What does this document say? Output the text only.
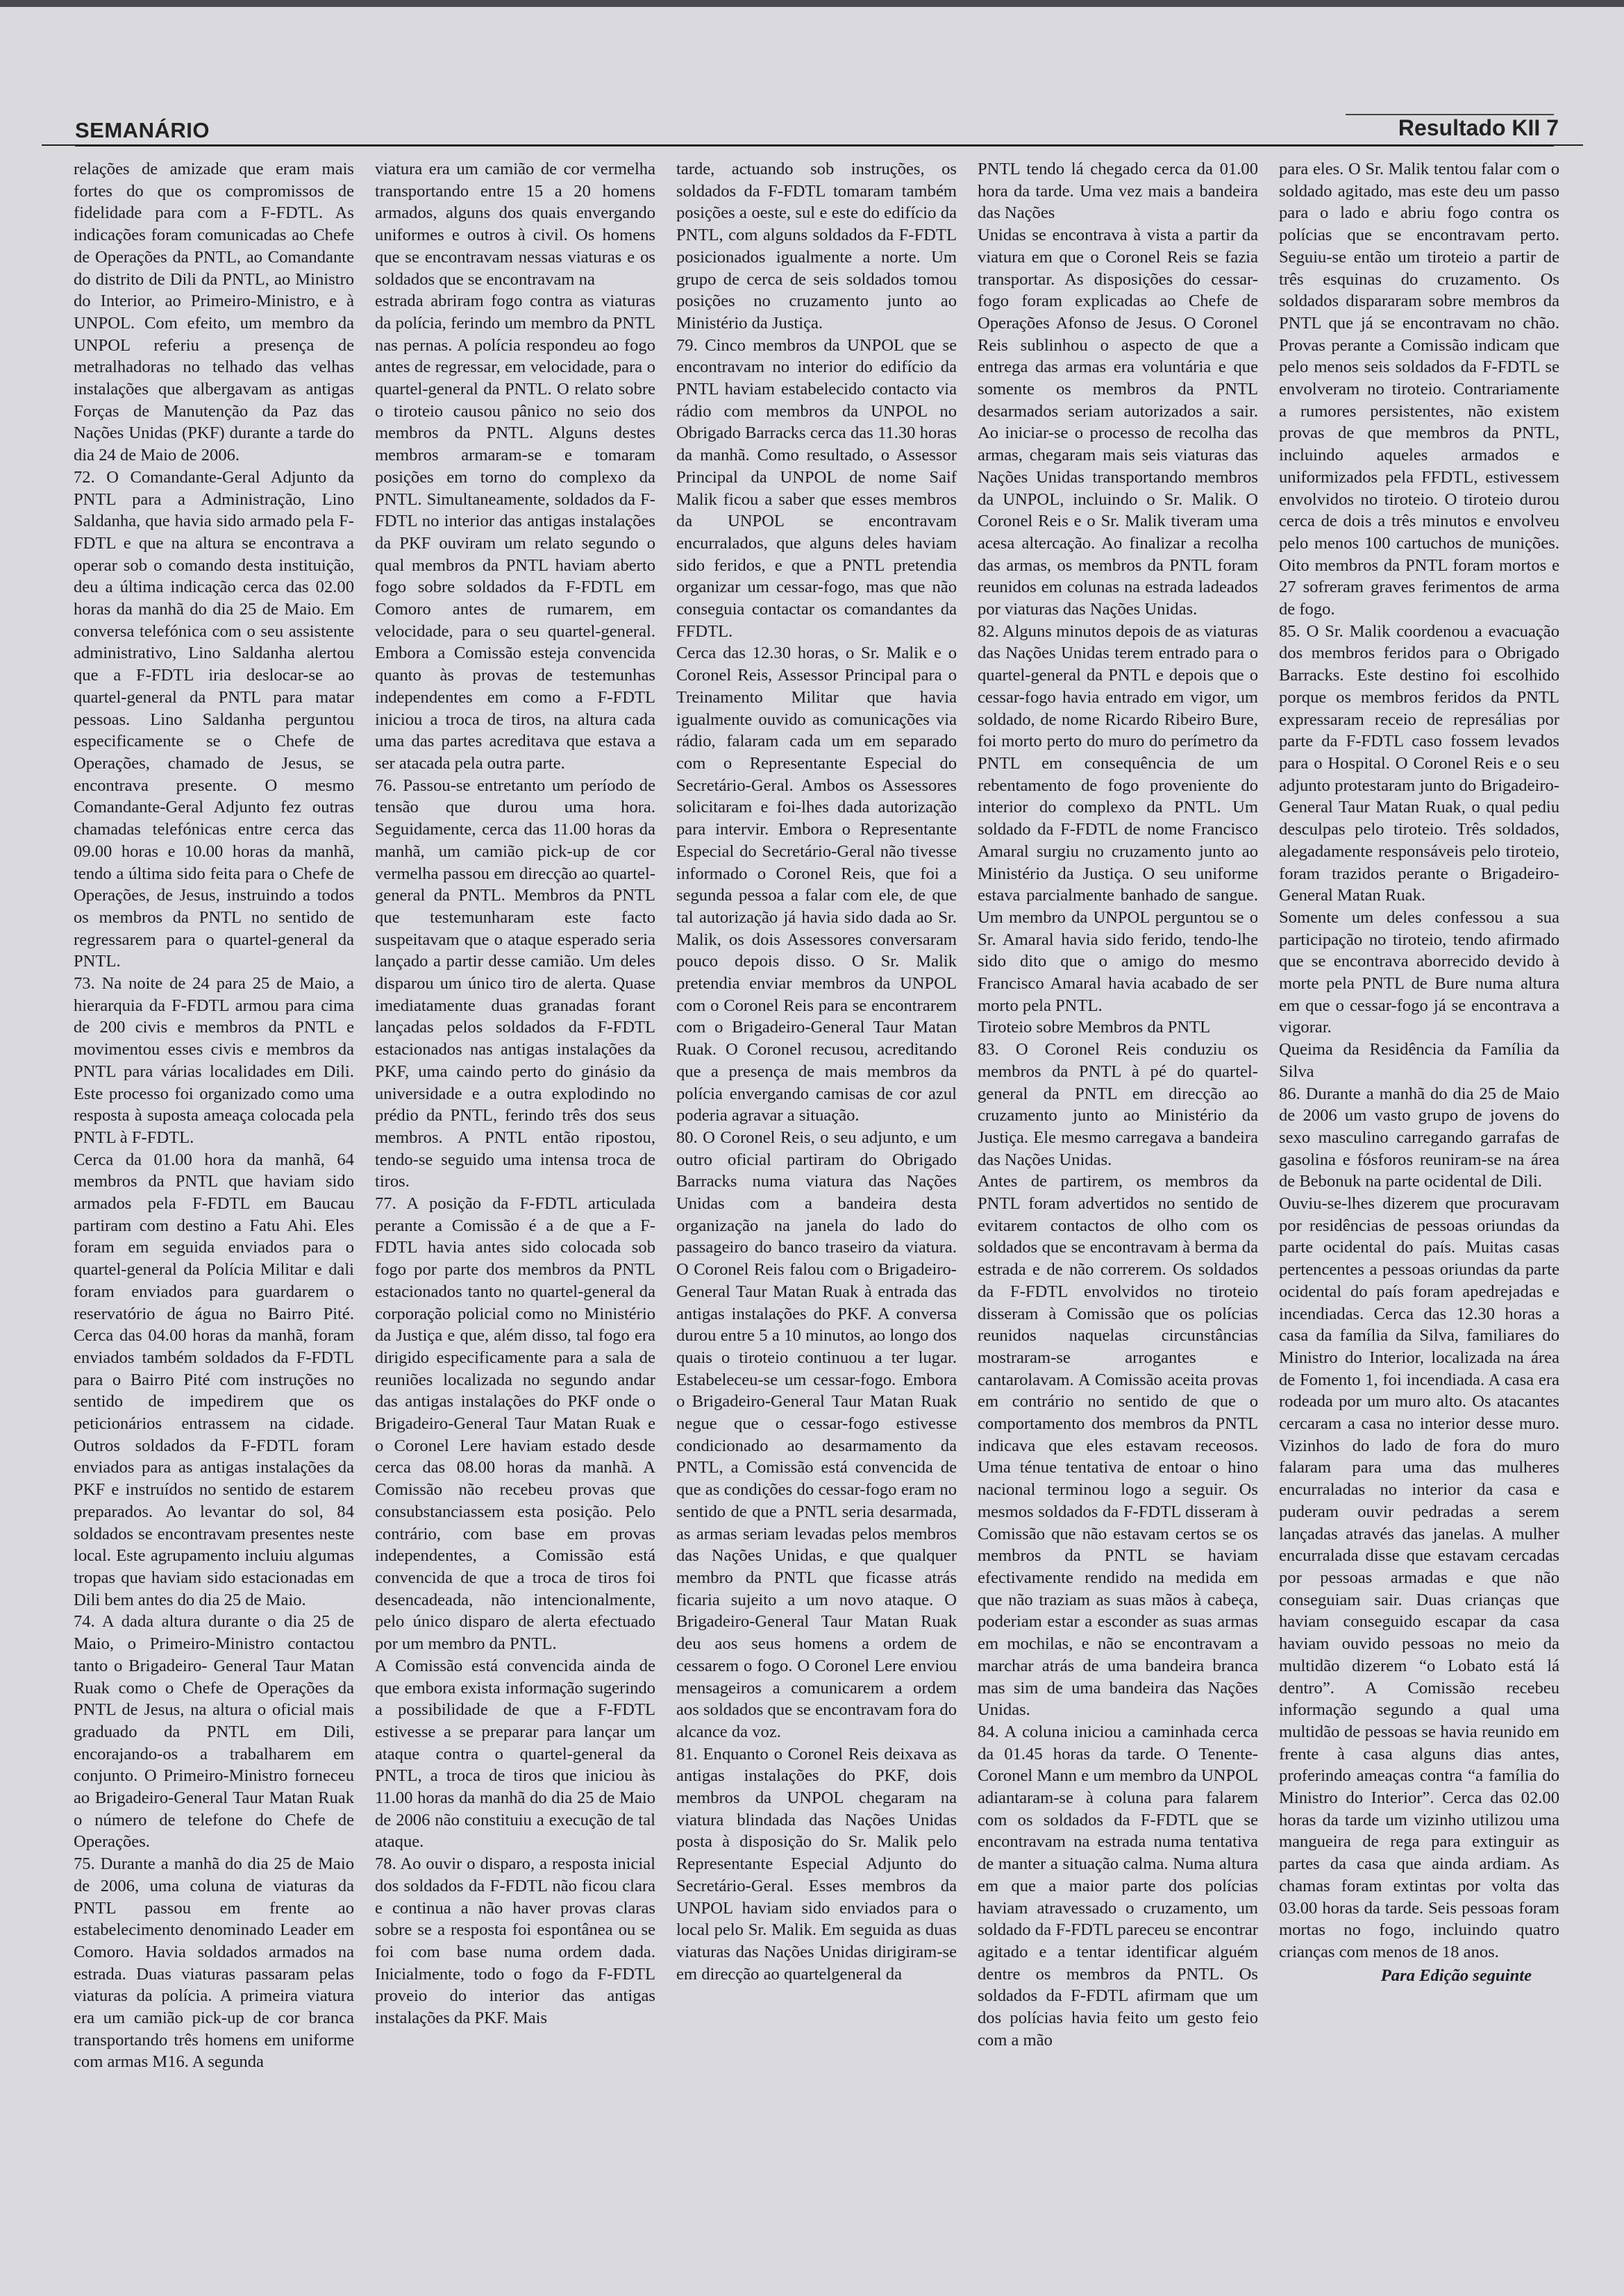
SEMANÁRIO	Resultado KII 7

relações de amizade que eram mais fortes do que os compromissos de fidelidade para com a F-FDTL. As indicações foram comunicadas ao Chefe de Operações da PNTL, ao Comandante do distrito de Dili da PNTL, ao Ministro do Interior, ao Primeiro-Ministro, e à UNPOL. Com efeito, um membro da UNPOL referiu a presença de metralhadoras no telhado das velhas instalações que albergavam as antigas Forças de Manutenção da Paz das Nações Unidas (PKF) durante a tarde do dia 24 de Maio de 2006.

72. O Comandante-Geral Adjunto da PNTL para a Administração, Lino Saldanha, que havia sido armado pela F-FDTL e que na altura se encontrava a operar sob o comando desta instituição, deu a última indicação cerca das 02.00 horas da manhã do dia 25 de Maio. Em conversa telefónica com o seu assistente administrativo, Lino Saldanha alertou que a F-FDTL iria deslocar-se ao quartel-general da PNTL para matar pessoas. Lino Saldanha perguntou especificamente se o Chefe de Operações, chamado de Jesus, se encontrava presente. O mesmo Comandante-Geral Adjunto fez outras chamadas telefónicas entre cerca das 09.00 horas e 10.00 horas da manhã, tendo a última sido feita para o Chefe de Operações, de Jesus, instruindo a todos os membros da PNTL no sentido de regressarem para o quartel-general da PNTL.

73. Na noite de 24 para 25 de Maio, a hierarquia da F-FDTL armou para cima de 200 civis e membros da PNTL e movimentou esses civis e membros da PNTL para várias localidades em Dili. Este processo foi organizado como uma resposta à suposta ameaça colocada pela PNTL à F-FDTL.

Cerca da 01.00 hora da manhã, 64 membros da PNTL que haviam sido armados pela F-FDTL em Baucau partiram com destino a Fatu Ahi. Eles foram em seguida enviados para o quartel-general da Polícia Militar e dali foram enviados para guardarem o reservatório de água no Bairro Pité. Cerca das 04.00 horas da manhã, foram enviados também soldados da F-FDTL para o Bairro Pité com instruções no sentido de impedirem que os peticionários entrassem na cidade. Outros soldados da F-FDTL foram enviados para as antigas instalações da PKF e instruídos no sentido de estarem preparados. Ao levantar do sol, 84 soldados se encontravam presentes neste local. Este agrupamento incluiu algumas tropas que haviam sido estacionadas em Dili bem antes do dia 25 de Maio.

74. A dada altura durante o dia 25 de Maio, o Primeiro-Ministro contactou tanto o Brigadeiro- General Taur Matan Ruak como o Chefe de Operações da PNTL de Jesus, na altura o oficial mais graduado da PNTL em Dili, encorajando-os a trabalharem em conjunto. O Primeiro-Ministro forneceu ao Brigadeiro-General Taur Matan Ruak o número de telefone do Chefe de Operações.

75. Durante a manhã do dia 25 de Maio de 2006, uma coluna de viaturas da PNTL passou em frente ao estabelecimento denominado Leader em Comoro. Havia soldados armados na estrada. Duas viaturas passaram pelas viaturas da polícia. A primeira viatura era um camião pick-up de cor branca transportando três homens em uniforme com armas M16. A segunda

viatura era um camião de cor vermelha transportando entre 15 a 20 homens armados, alguns dos quais envergando uniformes e outros à civil. Os homens que se encontravam nessas viaturas e os soldados que se encontravam na

estrada abriram fogo contra as viaturas da polícia, ferindo um membro da PNTL nas pernas. A polícia respondeu ao fogo antes de regressar, em velocidade, para o quartel-general da PNTL. O relato sobre o tiroteio causou pânico no seio dos membros da PNTL. Alguns destes membros armaram-se e tomaram posições em torno do complexo da PNTL. Simultaneamente, soldados da F-FDTL no interior das antigas instalações da PKF ouviram um relato segundo o qual membros da PNTL haviam aberto fogo sobre soldados da F-FDTL em Comoro antes de rumarem, em velocidade, para o seu quartel-general. Embora a Comissão esteja convencida quanto às provas de testemunhas independentes em como a F-FDTL iniciou a troca de tiros, na altura cada uma das partes acreditava que estava a ser atacada pela outra parte.

76. Passou-se entretanto um período de tensão que durou uma hora. Seguidamente, cerca das 11.00 horas da manhã, um camião pick-up de cor vermelha passou em direcção ao quartel-general da PNTL. Membros da PNTL que testemunharam este facto suspeitavam que o ataque esperado seria lançado a partir desse camião. Um deles disparou um único tiro de alerta. Quase imediatamente duas granadas forant lançadas pelos soldados da F-FDTL estacionados nas antigas instalações da PKF, uma caindo perto do ginásio da universidade e a outra explodindo no prédio da PNTL, ferindo três dos seus membros. A PNTL então ripostou, tendo-se seguido uma intensa troca de tiros.

77. A posição da F-FDTL articulada perante a Comissão é a de que a F-FDTL havia antes sido colocada sob fogo por parte dos membros da PNTL estacionados tanto no quartel-general da corporação policial como no Ministério da Justiça e que, além disso, tal fogo era dirigido especificamente para a sala de reuniões localizada no segundo andar das antigas instalações do PKF onde o Brigadeiro-General Taur Matan Ruak e o Coronel Lere haviam estado desde cerca das 08.00 horas da manhã. A Comissão não recebeu provas que consubstanciassem esta posição. Pelo contrário, com base em provas independentes, a Comissão está convencida de que a troca de tiros foi desencadeada, não intencionalmente, pelo único disparo de alerta efectuado por um membro da PNTL.

A Comissão está convencida ainda de que embora exista informação sugerindo a possibilidade de que a F-FDTL estivesse a se preparar para lançar um ataque contra o quartel-general da PNTL, a troca de tiros que iniciou às 11.00 horas da manhã do dia 25 de Maio de 2006 não constituiu a execução de tal ataque.

78. Ao ouvir o disparo, a resposta inicial dos soldados da F-FDTL não ficou clara e continua a não haver provas claras sobre se a resposta foi espontânea ou se foi com base numa ordem dada. Inicialmente, todo o fogo da F-FDTL proveio do interior das antigas instalações da PKF. Mais

tarde, actuando sob instruções, os soldados da F-FDTL tomaram também posições a oeste, sul e este do edifício da PNTL, com alguns soldados da F-FDTL posicionados igualmente a norte. Um grupo de cerca de seis soldados tomou posições no cruzamento junto ao Ministério da Justiça.

79. Cinco membros da UNPOL que se encontravam no interior do edifício da PNTL haviam estabelecido contacto via rádio com membros da UNPOL no Obrigado Barracks cerca das 11.30 horas da manhã. Como resultado, o Assessor Principal da UNPOL de nome Saif Malik ficou a saber que esses membros da UNPOL se encontravam encurralados, que alguns deles haviam sido feridos, e que a PNTL pretendia organizar um cessar-fogo, mas que não conseguia contactar os comandantes da FFDTL.

Cerca das 12.30 horas, o Sr. Malik e o Coronel Reis, Assessor Principal para o Treinamento Militar que havia igualmente ouvido as comunicações via rádio, falaram cada um em separado com o Representante Especial do Secretário-Geral. Ambos os Assessores solicitaram e foi-lhes dada autorização para intervir. Embora o Representante Especial do Secretário-Geral não tivesse informado o Coronel Reis, que foi a segunda pessoa a falar com ele, de que tal autorização já havia sido dada ao Sr. Malik, os dois Assessores conversaram pouco depois disso. O Sr. Malik pretendia enviar membros da UNPOL com o Coronel Reis para se encontrarem com o Brigadeiro-General Taur Matan Ruak. O Coronel recusou, acreditando que a presença de mais membros da polícia envergando camisas de cor azul poderia agravar a situação.

80. O Coronel Reis, o seu adjunto, e um outro oficial partiram do Obrigado Barracks numa viatura das Nações Unidas com a bandeira desta organização na janela do lado do passageiro do banco traseiro da viatura. O Coronel Reis falou com o Brigadeiro-General Taur Matan Ruak à entrada das antigas instalações do PKF. A conversa durou entre 5 a 10 minutos, ao longo dos quais o tiroteio continuou a ter lugar. Estabeleceu-se um cessar-fogo. Embora o Brigadeiro-General Taur Matan Ruak negue que o cessar-fogo estivesse condicionado ao desarmamento da PNTL, a Comissão está convencida de que as condições do cessar-fogo eram no sentido de que a PNTL seria desarmada, as armas seriam levadas pelos membros das Nações Unidas, e que qualquer membro da PNTL que ficasse atrás ficaria sujeito a um novo ataque. O Brigadeiro-General Taur Matan Ruak deu aos seus homens a ordem de cessarem o fogo. O Coronel Lere enviou mensageiros a comunicarem a ordem aos soldados que se encontravam fora do alcance da voz.

81. Enquanto o Coronel Reis deixava as antigas instalações do PKF, dois membros da UNPOL chegaram na viatura blindada das Nações Unidas posta à disposição do Sr. Malik pelo Representante Especial Adjunto do Secretário-Geral. Esses membros da UNPOL haviam sido enviados para o local pelo Sr. Malik. Em seguida as duas viaturas das Nações Unidas dirigiram-se em direcção ao quartelgeneral da

PNTL tendo lá chegado cerca da 01.00 hora da tarde. Uma vez mais a bandeira das Nações

Unidas se encontrava à vista a partir da viatura em que o Coronel Reis se fazia transportar. As disposições do cessar-fogo foram explicadas ao Chefe de Operações Afonso de Jesus. O Coronel Reis sublinhou o aspecto de que a entrega das armas era voluntária e que somente os membros da PNTL desarmados seriam autorizados a sair. Ao iniciar-se o processo de recolha das armas, chegaram mais seis viaturas das Nações Unidas transportando membros da UNPOL, incluindo o Sr. Malik. O Coronel Reis e o Sr. Malik tiveram uma acesa altercação. Ao finalizar a recolha das armas, os membros da PNTL foram reunidos em colunas na estrada ladeados por viaturas das Nações Unidas.

82. Alguns minutos depois de as viaturas das Nações Unidas terem entrado para o quartel-general da PNTL e depois que o cessar-fogo havia entrado em vigor, um soldado, de nome Ricardo Ribeiro Bure, foi morto perto do muro do perímetro da PNTL em consequência de um rebentamento de fogo proveniente do interior do complexo da PNTL. Um soldado da F-FDTL de nome Francisco Amaral surgiu no cruzamento junto ao Ministério da Justiça. O seu uniforme estava parcialmente banhado de sangue. Um membro da UNPOL perguntou se o Sr. Amaral havia sido ferido, tendo-lhe sido dito que o amigo do mesmo Francisco Amaral havia acabado de ser morto pela PNTL.

Tiroteio sobre Membros da PNTL

83. O Coronel Reis conduziu os membros da PNTL à pé do quartel-general da PNTL em direcção ao cruzamento junto ao Ministério da Justiça. Ele mesmo carregava a bandeira das Nações Unidas.

Antes de partirem, os membros da PNTL foram advertidos no sentido de evitarem contactos de olho com os soldados que se encontravam à berma da estrada e de não correrem. Os soldados da F-FDTL envolvidos no tiroteio disseram à Comissão que os polícias reunidos naquelas circunstâncias mostraram-se arrogantes e cantarolavam. A Comissão aceita provas em contrário no sentido de que o comportamento dos membros da PNTL indicava que eles estavam receosos. Uma ténue tentativa de entoar o hino nacional terminou logo a seguir. Os mesmos soldados da F-FDTL disseram à Comissão que não estavam certos se os membros da PNTL se haviam efectivamente rendido na medida em que não traziam as suas mãos à cabeça, poderiam estar a esconder as suas armas em mochilas, e não se encontravam a marchar atrás de uma bandeira branca mas sim de uma bandeira das Nações Unidas.

84. A coluna iniciou a caminhada cerca da 01.45 horas da tarde. O Tenente-Coronel Mann e um membro da UNPOL adiantaram-se à coluna para falarem com os soldados da F-FDTL que se encontravam na estrada numa tentativa de manter a situação calma. Numa altura em que a maior parte dos polícias haviam atravessado o cruzamento, um soldado da F-FDTL pareceu se encontrar agitado e a tentar identificar alguém dentre os membros da PNTL. Os soldados da F-FDTL afirmam que um dos polícias havia feito um gesto feio com a mão

para eles. O Sr. Malik tentou falar com o soldado agitado, mas este deu um passo para o lado e abriu fogo contra os polícias que se encontravam perto. Seguiu-se então um tiroteio a partir de três esquinas do cruzamento. Os soldados dispararam sobre membros da PNTL que já se encontravam no chão. Provas perante a Comissão indicam que pelo menos seis soldados da F-FDTL se envolveram no tiroteio. Contrariamente a rumores persistentes, não existem provas de que membros da PNTL, incluindo aqueles armados e uniformizados pela FFDTL, estivessem envolvidos no tiroteio. O tiroteio durou cerca de dois a três minutos e envolveu pelo menos 100 cartuchos de munições. Oito membros da PNTL foram mortos e 27 sofreram graves ferimentos de arma de fogo.

85. O Sr. Malik coordenou a evacuação dos membros feridos para o Obrigado Barracks. Este destino foi escolhido porque os membros feridos da PNTL expressaram receio de represálias por parte da F-FDTL caso fossem levados para o Hospital. O Coronel Reis e o seu adjunto protestaram junto do Brigadeiro-General Taur Matan Ruak, o qual pediu desculpas pelo tiroteio. Três soldados, alegadamente responsáveis pelo tiroteio, foram trazidos perante o Brigadeiro-General Matan Ruak.

Somente um deles confessou a sua participação no tiroteio, tendo afirmado que se encontrava aborrecido devido à morte pela PNTL de Bure numa altura em que o cessar-fogo já se encontrava a vigorar.

Queima da Residência da Família da Silva

86. Durante a manhã do dia 25 de Maio de 2006 um vasto grupo de jovens do sexo masculino carregando garrafas de gasolina e fósforos reuniram-se na área de Bebonuk na parte ocidental de Dili.

Ouviu-se-lhes dizerem que procuravam por residências de pessoas oriundas da parte ocidental do país. Muitas casas pertencentes a pessoas oriundas da parte ocidental do país foram apedrejadas e incendiadas. Cerca das 12.30 horas a casa da família da Silva, familiares do Ministro do Interior, localizada na área de Fomento 1, foi incendiada. A casa era rodeada por um muro alto. Os atacantes cercaram a casa no interior desse muro. Vizinhos do lado de fora do muro falaram para uma das mulheres encurraladas no interior da casa e puderam ouvir pedradas a serem lançadas através das janelas. A mulher encurralada disse que estavam cercadas por pessoas armadas e que não conseguiam sair. Duas crianças que haviam conseguido escapar da casa haviam ouvido pessoas no meio da multidão dizerem “o Lobato está lá dentro”. A Comissão recebeu informação segundo a qual uma multidão de pessoas se havia reunido em frente à casa alguns dias antes, proferindo ameaças contra “a família do Ministro do Interior”. Cerca das 02.00 horas da tarde um vizinho utilizou uma mangueira de rega para extinguir as partes da casa que ainda ardiam. As chamas foram extintas por volta das 03.00 horas da tarde. Seis pessoas foram mortas no fogo, incluindo quatro crianças com menos de 18 anos.

Para Edição seguinte
